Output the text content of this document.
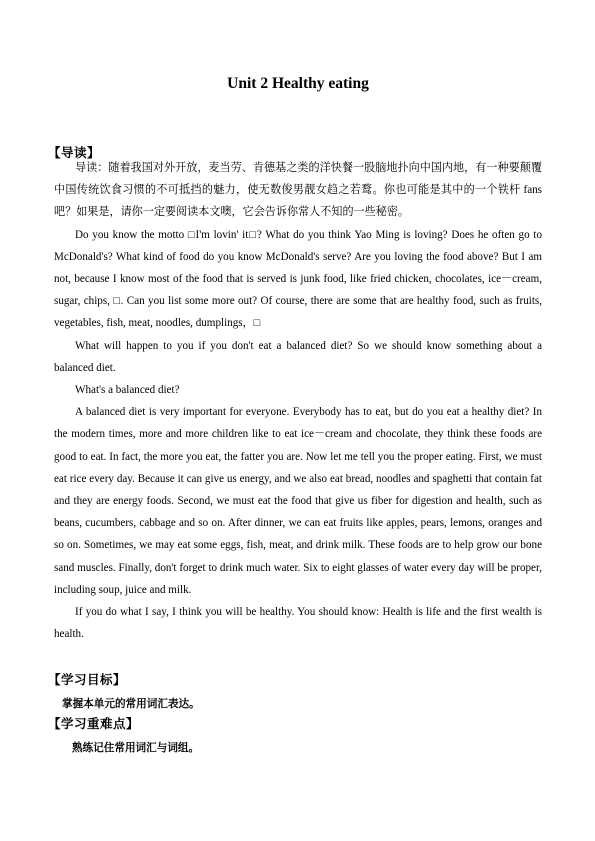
Unit 2 Healthy eating
【导读】

导读：随着我国对外开放，麦当劳、肯德基之类的洋快餐一股脑地扑向中国内地，有一种要颠覆中国传统饮食习惯的不可抵挡的魅力，使无数俊男靓女趋之若鹜。你也可能是其中的一个铁杆 fans 吧？如果是，请你一定要阅读本文噢，它会告诉你常人不知的一些秘密。

Do you know the motto □I'm lovin' it□? What do you think Yao Ming is loving? Does he often go to McDonald's? What kind of food do you know McDonald's serve? Are you loving the food above? But I am not, because I know most of the food that is served is junk food, like fried chicken, chocolates, ice－cream, sugar, chips, □. Can you list some more out? Of course, there are some that are healthy food, such as fruits, vegetables, fish, meat, noodles, dumplings，□

What will happen to you if you don't eat a balanced diet? So we should know something about a balanced diet.

What's a balanced diet?

A balanced diet is very important for everyone. Everybody has to eat, but do you eat a healthy diet? In the modern times, more and more children like to eat ice－cream and chocolate, they think these foods are good to eat. In fact, the more you eat, the fatter you are. Now let me tell you the proper eating. First, we must eat rice every day. Because it can give us energy, and we also eat bread, noodles and spaghetti that contain fat and they are energy foods. Second, we must eat the food that give us fiber for digestion and health, such as beans, cucumbers, cabbage and so on. After dinner, we can eat fruits like apples, pears, lemons, oranges and so on. Sometimes, we may eat some eggs, fish, meat, and drink milk. These foods are to help grow our bone sand muscles. Finally, don't forget to drink much water. Six to eight glasses of water every day will be proper, including soup, juice and milk.

If you do what I say, I think you will be healthy. You should know: Health is life and the first wealth is health.

【学习目标】
掌握本单元的常用词汇表达。
【学习重难点】
熟练记住常用词汇与词组。
